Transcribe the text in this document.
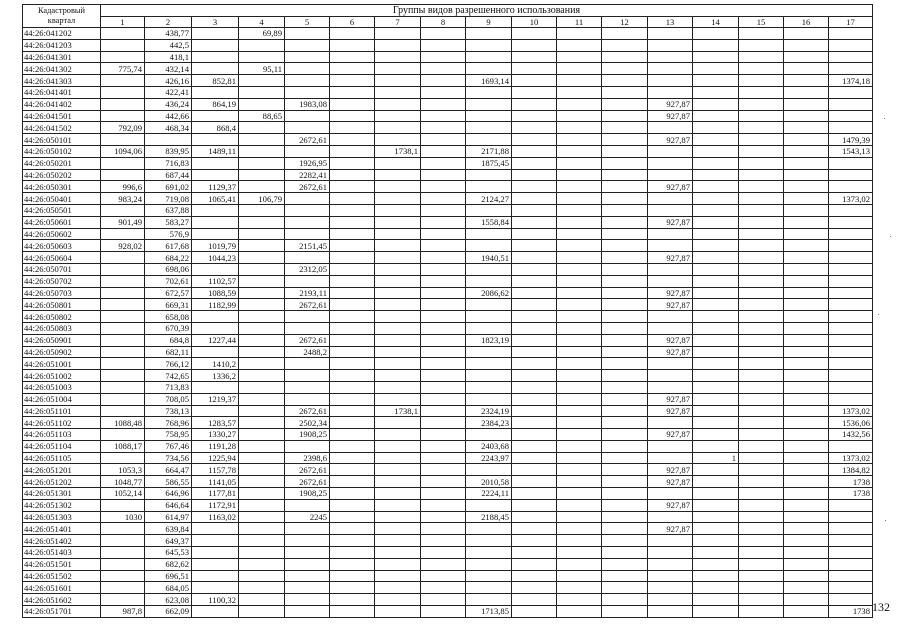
Кадастровый
квартал	Группы видов разрешенного использования																
	1	2	3	4	5	6	7	8	9	10	11	12	13	14	15	16	17
44:26:041202		438,77		69,89													
44:26:041203		442,5															
44:26:041301		418,1															
44:26:041302	775,74	432,14		95,11													
44:26:041303		426,16	852,81						1693,14								1374,18
44:26:041401		422,41															
44:26:041402		436,24	864,19		1983,08								927,87				
44:26:041501		442,66		88,65									927,87				
44:26:041502	792,09	468,34	868,4														
44:26:050101					2672,61								927,87				1479,39
44:26:050102	1094,06	839,95	1489,11				1738,1		2171,88								1543,13
44:26:050201		716,83			1926,95				1875,45								
44:26:050202		687,44			2282,41												
44:26:050301	996,6	691,02	1129,37		2672,61								927,87				
44:26:050401	983,24	719,08	1065,41	106,79					2124,27								1373,02
44:26:050501		637,88															
44:26:050601	901,49	583,27							1558,84				927,87				
44:26:050602		576,9															
44:26:050603	928,02	617,68	1019,79		2151,45												
44:26:050604		684,22	1044,23						1940,51				927,87				
44:26:050701		698,06			2312,05												
44:26:050702		702,61	1102,57														
44:26:050703		672,57	1088,59		2193,11				2086,62				927,87				
44:26:050801		669,31	1182,99		2672,61								927,87				
44:26:050802		658,08															
44:26:050803		670,39															
44:26:050901		684,8	1227,44		2672,61				1823,19				927,87				
44:26:050902		682,11			2488,2								927,87				
44:26:051001		766,12	1410,2														
44:26:051002		742,65	1336,2														
44:26:051003		713,83															
44:26:051004		708,05	1219,37										927,87				
44:26:051101		738,13			2672,61		1738,1		2324,19				927,87				1373,02
44:26:051102	1088,48	768,96	1283,57		2502,34				2384,23								1536,06
44:26:051103		758,95	1330,27		1908,25								927,87				1432,56
44:26:051104	1088,17	767,46	1191,28						2403,68								
44:26:051105		734,56	1225,94		2398,6				2243,97					1			1373,02
44:26:051201	1053,3	664,47	1157,78		2672,61								927,87				1384,82
44:26:051202	1048,77	586,55	1141,05		2672,61				2010,58				927,87				1738
44:26:051301	1052,14	646,96	1177,81		1908,25				2224,11								1738
44:26:051302		646,64	1172,91										927,87				
44:26:051303	1030	614,97	1163,02		2245				2188,45								
44:26:051401		639,84											927,87				
44:26:051402		649,37															
44:26:051403		645,53															
44:26:051501		682,62															
44:26:051502		696,51															
44:26:051601		684,05															
44:26:051602		623,08	1100,32														
44:26:051701	987,8	662,09							1713,85								1738 132
